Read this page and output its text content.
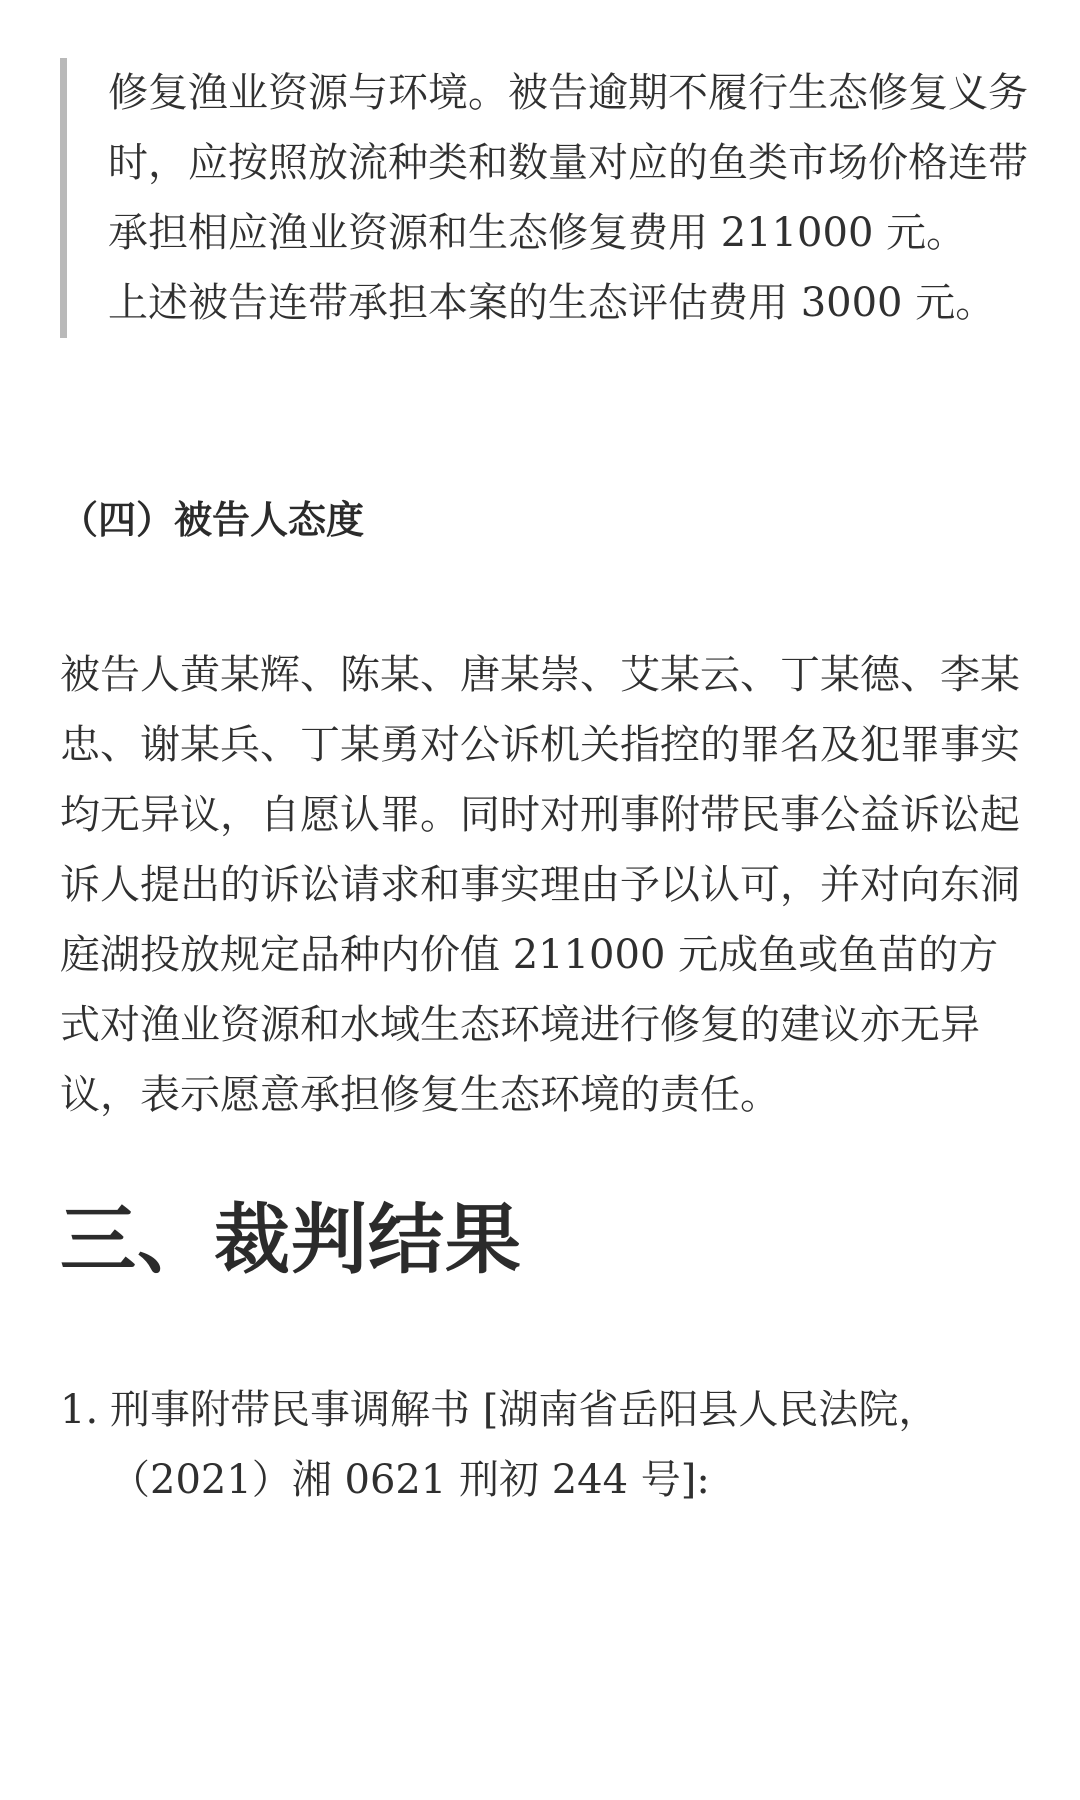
修复渔业资源与环境。被告逾期不履行生态修复义务时，应按照放流种类和数量对应的鱼类市场价格连带承担相应渔业资源和生态修复费用 211000 元。

上述被告连带承担本案的生态评估费用 3000 元。

（四）被告人态度

被告人黄某辉、陈某、唐某崇、艾某云、丁某德、李某忠、谢某兵、丁某勇对公诉机关指控的罪名及犯罪事实均无异议，自愿认罪。同时对刑事附带民事公益诉讼起诉人提出的诉讼请求和事实理由予以认可，并对向东洞庭湖投放规定品种内价值 211000 元成鱼或鱼苗的方式对渔业资源和水域生态环境进行修复的建议亦无异议，表示愿意承担修复生态环境的责任。

三、裁判结果
1. 刑事附带民事调解书 [湖南省岳阳县人民法院，（2021）湘 0621 刑初 244 号]:
